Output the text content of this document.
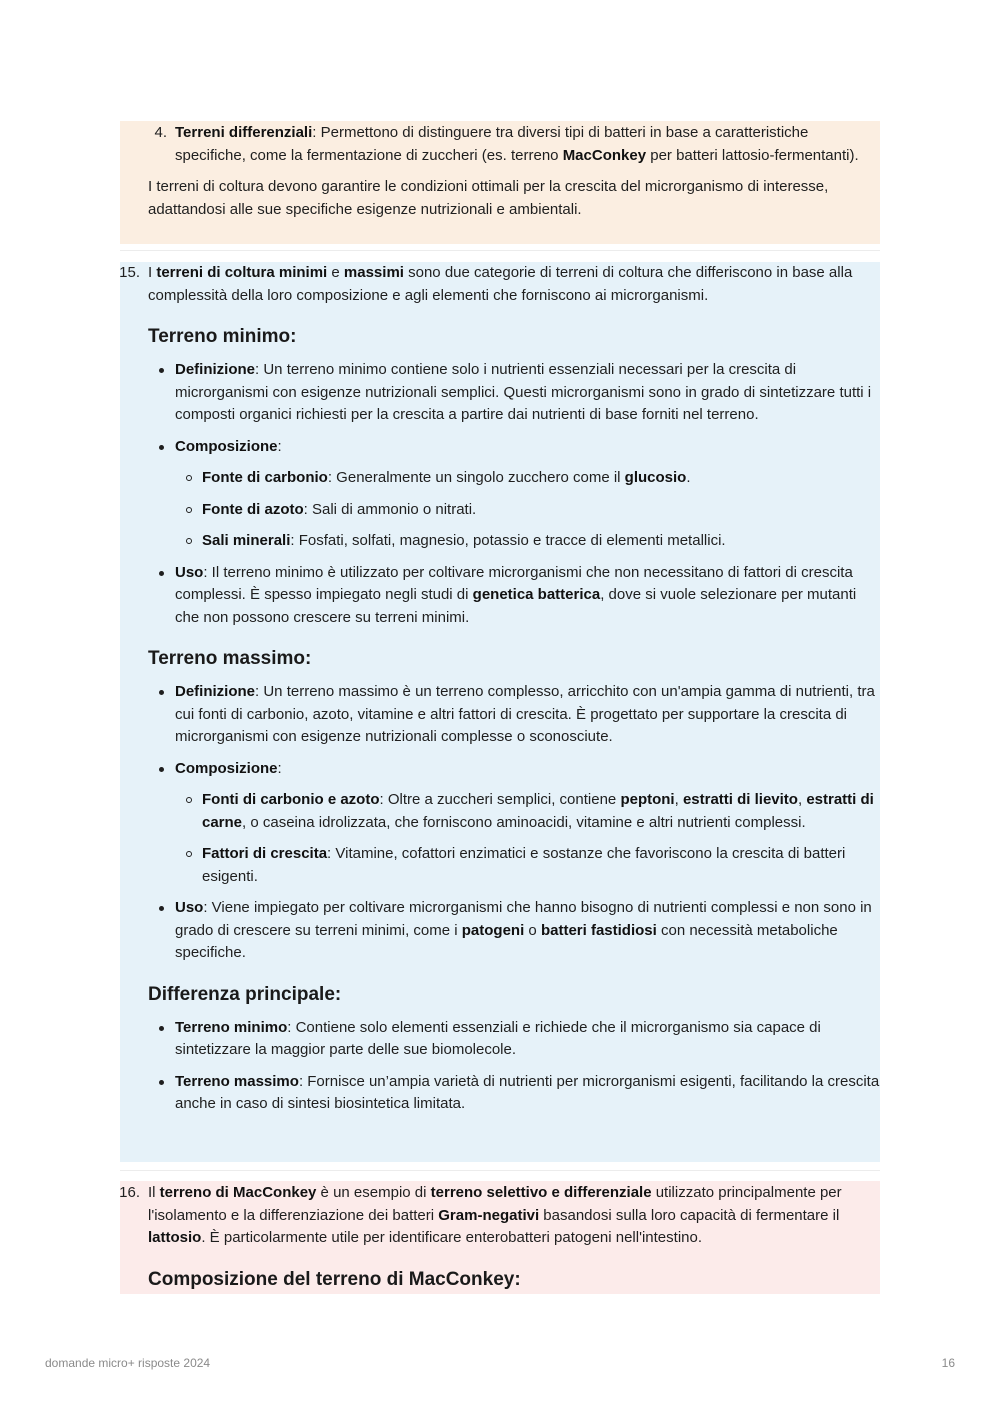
4. Terreni differenziali: Permettono di distinguere tra diversi tipi di batteri in base a caratteristiche specifiche, come la fermentazione di zuccheri (es. terreno MacConkey per batteri lattosio-fermentanti).

I terreni di coltura devono garantire le condizioni ottimali per la crescita del microrganismo di interesse, adattandosi alle sue specifiche esigenze nutrizionali e ambientali.

15. I terreni di coltura minimi e massimi sono due categorie di terreni di coltura che differiscono in base alla complessità della loro composizione e agli elementi che forniscono ai microrganismi.

Terreno minimo:
Definizione: Un terreno minimo contiene solo i nutrienti essenziali necessari per la crescita di microrganismi con esigenze nutrizionali semplici. Questi microrganismi sono in grado di sintetizzare tutti i composti organici richiesti per la crescita a partire dai nutrienti di base forniti nel terreno.
Composizione:
Fonte di carbonio: Generalmente un singolo zucchero come il glucosio.
Fonte di azoto: Sali di ammonio o nitrati.
Sali minerali: Fosfati, solfati, magnesio, potassio e tracce di elementi metallici.
Uso: Il terreno minimo è utilizzato per coltivare microrganismi che non necessitano di fattori di crescita complessi. È spesso impiegato negli studi di genetica batterica, dove si vuole selezionare per mutanti che non possono crescere su terreni minimi.
Terreno massimo:
Definizione: Un terreno massimo è un terreno complesso, arricchito con un'ampia gamma di nutrienti, tra cui fonti di carbonio, azoto, vitamine e altri fattori di crescita. È progettato per supportare la crescita di microrganismi con esigenze nutrizionali complesse o sconosciute.
Composizione:
Fonti di carbonio e azoto: Oltre a zuccheri semplici, contiene peptoni, estratti di lievito, estratti di carne, o caseina idrolizzata, che forniscono aminoacidi, vitamine e altri nutrienti complessi.
Fattori di crescita: Vitamine, cofattori enzimatici e sostanze che favoriscono la crescita di batteri esigenti.
Uso: Viene impiegato per coltivare microrganismi che hanno bisogno di nutrienti complessi e non sono in grado di crescere su terreni minimi, come i patogeni o batteri fastidiosi con necessità metaboliche specifiche.
Differenza principale:
Terreno minimo: Contiene solo elementi essenziali e richiede che il microrganismo sia capace di sintetizzare la maggior parte delle sue biomolecole.
Terreno massimo: Fornisce un’ampia varietà di nutrienti per microrganismi esigenti, facilitando la crescita anche in caso di sintesi biosintetica limitata.
16. Il terreno di MacConkey è un esempio di terreno selettivo e differenziale utilizzato principalmente per l'isolamento e la differenziazione dei batteri Gram-negativi basandosi sulla loro capacità di fermentare il lattosio. È particolarmente utile per identificare enterobatteri patogeni nell'intestino.

Composizione del terreno di MacConkey:
domande micro+ risposte 2024	16
